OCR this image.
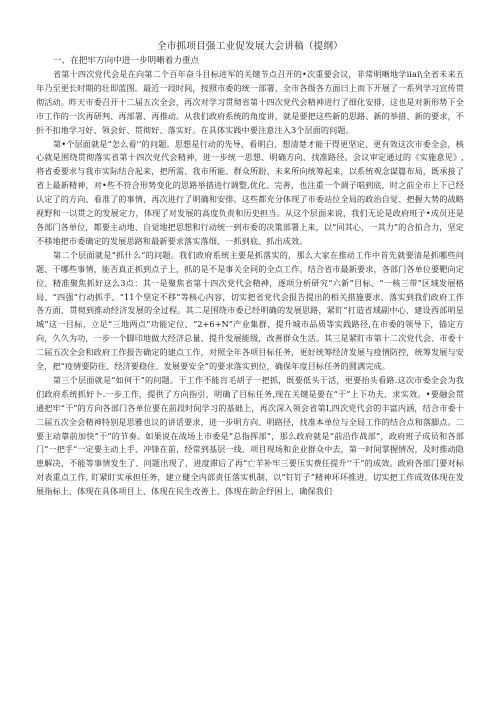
全市抓项目强工业促发展大会讲稿（提纲）

一、在把牢方向中进一步明晰着力重点

省第十四次党代会是在向第二个百年奋斗目标进军的关键节点召开的•次重要会议，非常明晰地学iiai\全省未来五年乃至更长时期的壮即蓝图。最近一段时间，按照市委的统一部署，全市各级各方面曰上而下开展了一系列学习宣传贯彻活动。昨天市委召开十二届五次全会，再次对学习贯彻省第十四次党代会精神进行了细化安排，这也是对新形势下全市工作的一次再研判、再部署、再推动。从我们政府系统的角度讲，就是要把这些新的思路、新的举措、新的要求，不折不扣地学习好、领会好、贯彻好、落实好。在具体实践中要注意注入3个层面的问题。

第•个层面就是“怎么看'’的问题。思想是行动的先导，看明白、想清楚才能干得更坚定、更有效这次市委全会，核心就是围绕贯彻落实省第十四次党代会精神，进一步统一思想、明确方向、找准路径。会议审定通过的《实施意见》,将省委要求与我市实际结合起来，把所需、我市所能、群众所盼、未来所向统筹起来，以系统观念谋篇布局，既承接了省上最新精神，对•些不符合形势变化的思路举措进行调整,优化、完善，也注重一个调子唱到底，时之前全市上下已经认定了的方向、看准了的事情，再次进行了明确和安排。这些都充分体现了市委站位全局的政治自觉、把握大势的战略视野和一以贯之的发展定力，体现了对发展的高度负责和历史担当。从这个层面来说，我们无论是政府班子•成员还是各部门各单位，都要主动地、自觉地把思想和行动统一到市委的决策部署上来，以“同其心，一其力”的合拍合力，坚定不移地把市委确定的发展思路和最新要求落实落细、一抓到底、抓出成效。

第二个层面就是“抓什么”的问题。我们政府系统主要是抓落实的，那么大家在推动工作中首先就要清是抓哪些问题、干哪些事情，能否真正抓到点子上，抓的是不是事关全同的全点工作。结合省市最新要求，各部门各单位要靶向定位、精准聚焦抓好这么3点：其一是聚焦省第十四次党代会精神，逐项分析研究“六新”目标、“一核三带”区域发展格局、“四强”行动抓手、“11个坚定不移”等核心内容，切实把省党代会报告提出的相关措施要求，落实到我们政府工作各方面、贯彻到推动经济发展的全过程。其二是围绕市委已经明确的发展思路，紧盯“打造省域副中心、建设西部明星城”这一目标，立足“三地两点”功能定位、“2+6+N”产业集群、提升城市品质等实践路径,在市委的领导下，锚定方向，久久为功，一步一个脚印地做大经济总量、提升发展能级，改善群众生活。其三是紧盯市第十二次党代会、市委十二届五次全会和政府工作报告确定的建点工作，对照全年各项目标任务，更好统筹经济发展与疫情防控，统筹发展与安全，把“疫情要防住、经济要稳住、发展要安全”的要求落实到位，确保年度目标任务的圆满完成。

第三个层面就是“如何干”的问题。干工作不能肓毛胡子一把抓，既要低头干活，更要抬头看路.这次市委全会为我们政府系统抓好卜.一步工作，提供了方向指引，明确了目标任务,现在关键是要在“干”上下功夫、求实效。•要融会贯通把牢“干”的方向各部门各单位要在前段时间学习的基础上，再次深入领会省第I,四次党代会的丰富内涵，结合市委十二届五次全会精神特别是思雅也议的讲话要求，进一步明方向、明路径，找准本单位与全局工作的结合点和落脚点。二要主动靠前加快“干”的节奏。如果说在战场上市委是“总指挥部”，那么政府就是“前沿作战部”，政府班子成员和各部门“一把手”一定要主动上手、冲锋在前，经常到基层一线、项目现场和企业群众中去，第一时间掌握情况，及时推动隐患解决，不能等事情发生了、问题出现了，进度滞后了再“亡羊补牢三要压实费任提升‘’干”的成效。政府各部门要对标对表重点工作, 盯紧盯实承担任务，建立健全内部责任落实机制，以“钉钉子”精神环环推进，切实把工作成效体现在发展指标上、体现在具体项目上、体现在民生改善上、体现在助企纾困上，确保我们
